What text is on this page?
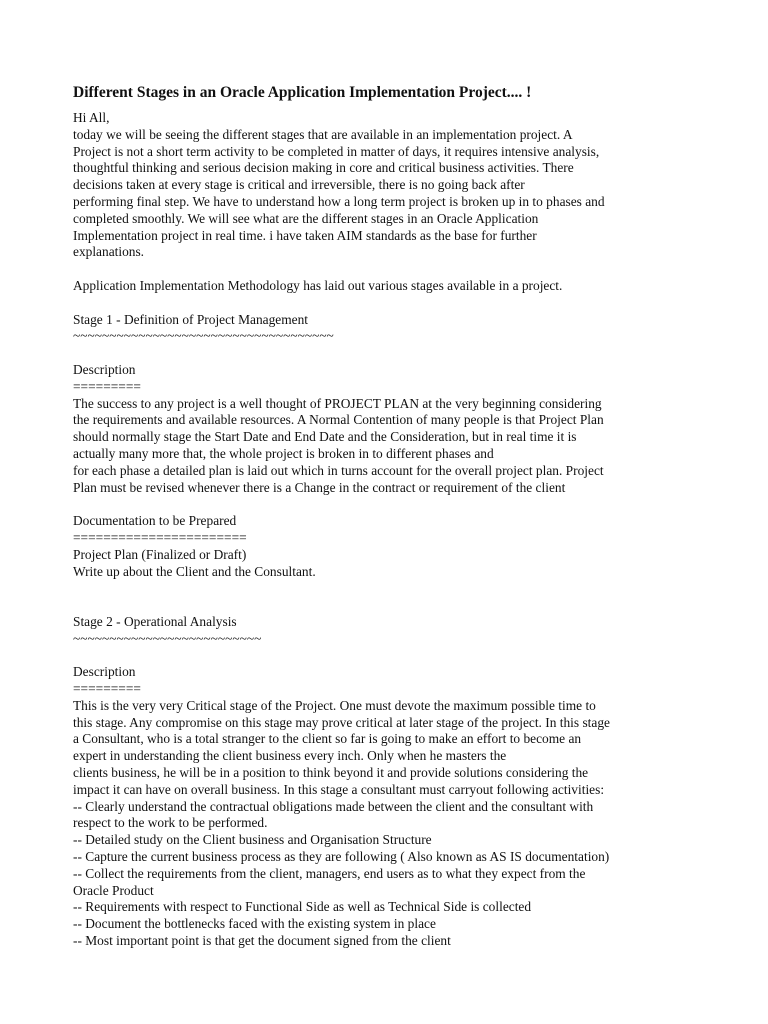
Different Stages in an Oracle Application Implementation Project.... !
Hi All,
today we will be seeing the different stages that are available in an implementation project. A
Project is not a short term activity to be completed in matter of days, it requires intensive analysis,
thoughtful thinking and serious decision making in core and critical business activities. There
decisions taken at every stage is critical and irreversible, there is no going back after
performing final step. We have to understand how a long term project is broken up in to phases and
completed smoothly. We will see what are the different stages in an Oracle Application
Implementation project in real time. i have taken AIM standards as the base for further
explanations.
Application Implementation Methodology has laid out various stages available in a project.
Stage 1 - Definition of Project Management
~~~~~~~~~~~~~~~~~~~~~~~~~~~~~~~~~~~~
Description
=========
The success to any project is a well thought of PROJECT PLAN at the very beginning considering
the requirements and available resources. A Normal Contention of many people is that Project Plan
should normally stage the Start Date and End Date and the Consideration, but in real time it is
actually many more that, the whole project is broken in to different phases and
for each phase a detailed plan is laid out which in turns account for the overall project plan. Project
Plan must be revised whenever there is a Change in the contract or requirement of the client
Documentation to be Prepared
=======================
Project Plan (Finalized or Draft)
Write up about the Client and the Consultant.
Stage 2 - Operational Analysis
~~~~~~~~~~~~~~~~~~~~~~~~~~
Description
=========
This is the very very Critical stage of the Project. One must devote the maximum possible time to
this stage. Any compromise on this stage may prove critical at later stage of the project. In this stage
a Consultant, who is a total stranger to the client so far is going to make an effort to become an
expert in understanding the client business every inch. Only when he masters the
clients business, he will be in a position to think beyond it and provide solutions considering the
impact it can have on overall business. In this stage a consultant must carryout following activities:
-- Clearly understand the contractual obligations made between the client and the consultant with
respect to the work to be performed.
-- Detailed study on the Client business and Organisation Structure
-- Capture the current business process as they are following ( Also known as AS IS documentation)
-- Collect the requirements from the client, managers, end users as to what they expect from the
Oracle Product
-- Requirements with respect to Functional Side as well as Technical Side is collected
-- Document the bottlenecks faced with the existing system in place
-- Most important point is that get the document signed from the client
